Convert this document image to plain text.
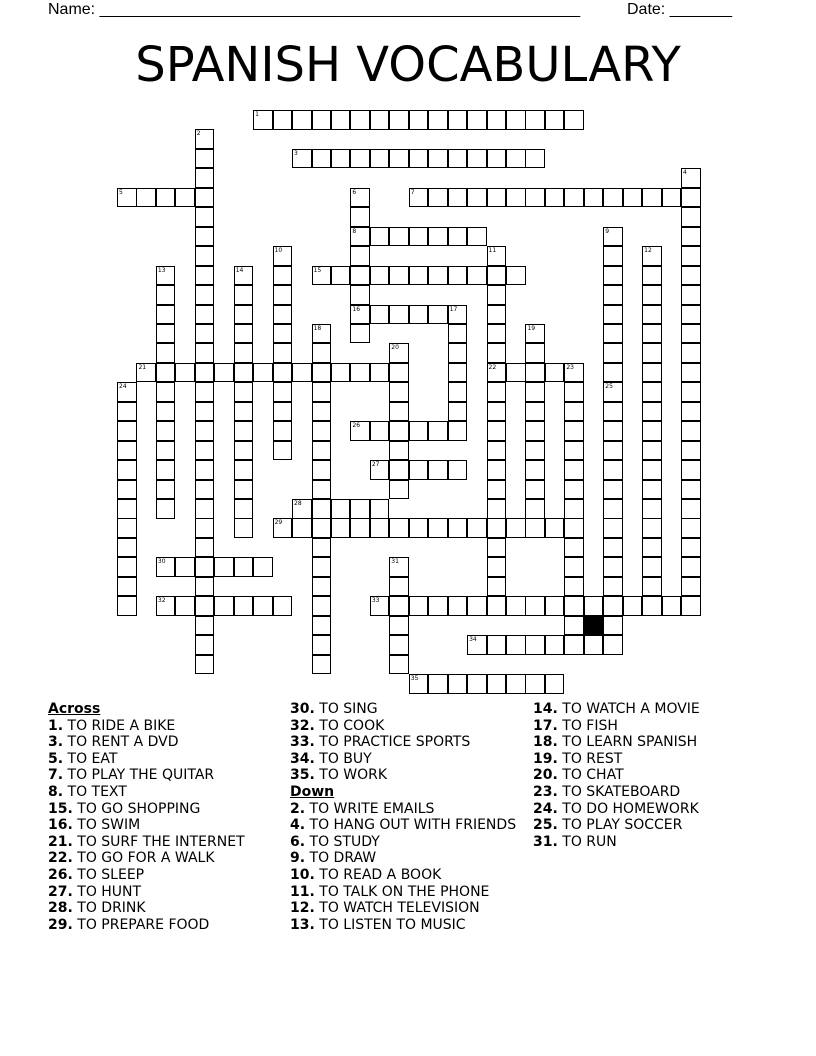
Name: ______________________________________________________	Date: _______
SPANISH VOCABULARY
1
2
3
4
5	6
8
16
7
9
25
10	11
22
12
13	14	15
17
18	19
20
21	23
24
26
27
28
29
30	31
32	33
34
35
Across
1. TO RIDE A BIKE
3. TO RENT A DVD
5. TO EAT
7. TO PLAY THE QUITAR
8. TO TEXT
15. TO GO SHOPPING
16. TO SWIM
21. TO SURF THE INTERNET
22. TO GO FOR A WALK
26. TO SLEEP
27. TO HUNT
28. TO DRINK
29. TO PREPARE FOOD
30. TO SING
32. TO COOK
33. TO PRACTICE SPORTS
34. TO BUY
35. TO WORK
Down
2. TO WRITE EMAILS
4. TO HANG OUT WITH FRIENDS
6. TO STUDY
9. TO DRAW
10. TO READ A BOOK
11. TO TALK ON THE PHONE
12. TO WATCH TELEVISION
13. TO LISTEN TO MUSIC
14. TO WATCH A MOVIE
17. TO FISH
18. TO LEARN SPANISH
19. TO REST
20. TO CHAT
23. TO SKATEBOARD
24. TO DO HOMEWORK
25. TO PLAY SOCCER
31. TO RUN
